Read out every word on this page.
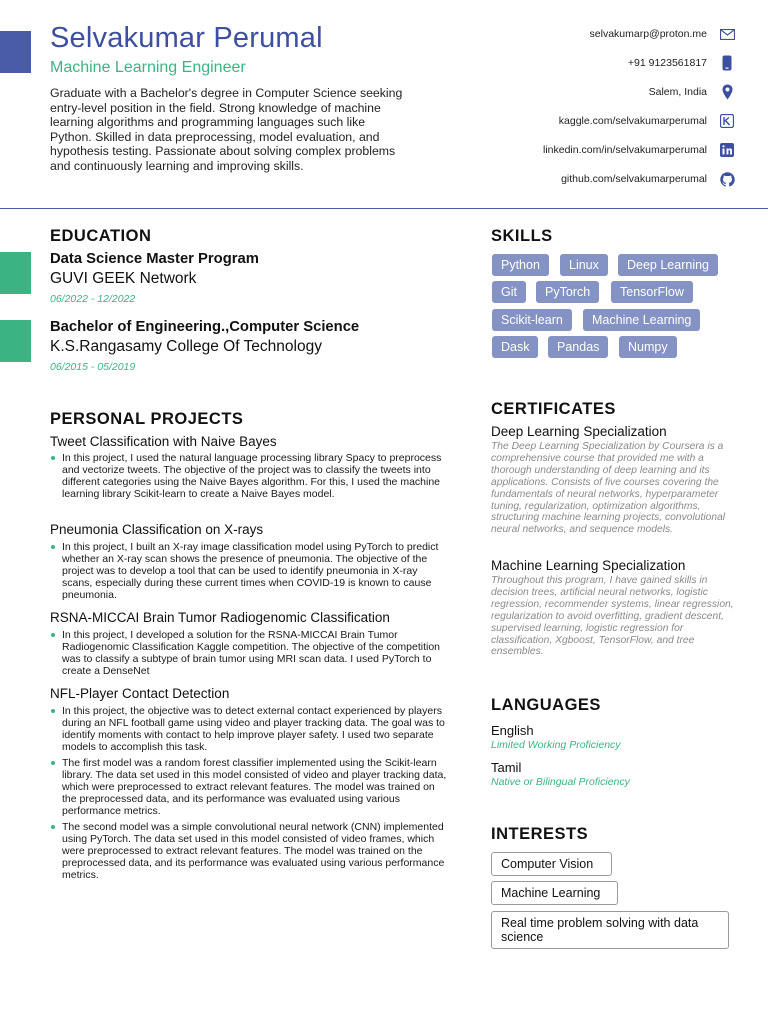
Selvakumar Perumal
Machine Learning Engineer
Graduate with a Bachelor's degree in Computer Science seeking entry-level position in the field. Strong knowledge of machine learning algorithms and programming languages such like Python. Skilled in data preprocessing, model evaluation, and hypothesis testing. Passionate about solving complex problems and continuously learning and improving skills.
selvakumarp@proton.me
+91 9123561817
Salem, India
kaggle.com/selvakumarperumal
linkedin.com/in/selvakumarperumal
github.com/selvakumarperumal
EDUCATION
Data Science Master Program
GUVI GEEK Network
06/2022 - 12/2022
Bachelor of Engineering.,Computer Science
K.S.Rangasamy College Of Technology
06/2015 - 05/2019
PERSONAL PROJECTS
Tweet Classification with Naive Bayes
In this project, I used the natural language processing library Spacy to preprocess and vectorize tweets. The objective of the project was to classify the tweets into different categories using the Naive Bayes algorithm. For this, I used the machine learning library Scikit-learn to create a Naive Bayes model.
Pneumonia Classification on X-rays
In this project, I built an X-ray image classification model using PyTorch to predict whether an X-ray scan shows the presence of pneumonia. The objective of the project was to develop a tool that can be used to identify pneumonia in X-ray scans, especially during these current times when COVID-19 is known to cause pneumonia.
RSNA-MICCAI Brain Tumor Radiogenomic Classification
In this project, I developed a solution for the RSNA-MICCAI Brain Tumor Radiogenomic Classification Kaggle competition. The objective of the competition was to classify a subtype of brain tumor using MRI scan data. I used PyTorch to create a DenseNet
NFL-Player Contact Detection
In this project, the objective was to detect external contact experienced by players during an NFL football game using video and player tracking data. The goal was to identify moments with contact to help improve player safety. I used two separate models to accomplish this task.
The first model was a random forest classifier implemented using the Scikit-learn library. The data set used in this model consisted of video and player tracking data, which were preprocessed to extract relevant features. The model was trained on the preprocessed data, and its performance was evaluated using various performance metrics.
The second model was a simple convolutional neural network (CNN) implemented using PyTorch. The data set used in this model consisted of video frames, which were preprocessed to extract relevant features. The model was trained on the preprocessed data, and its performance was evaluated using various performance metrics.
SKILLS
Python	Linux	Deep Learning
Git	PyTorch	TensorFlow
Scikit-learn	Machine Learning
Dask	Pandas	Numpy
CERTIFICATES
Deep Learning Specialization
The Deep Learning Specialization by Coursera is a comprehensive course that provided me with a thorough understanding of deep learning and its applications. Consists of five courses covering the fundamentals of neural networks, hyperparameter tuning, regularization, optimization algorithms, structuring machine learning projects, convolutional neural networks, and sequence models.
Machine Learning Specialization
Throughout this program, I have gained skills in decision trees, artificial neural networks, logistic regression, recommender systems, linear regression, regularization to avoid overfitting, gradient descent, supervised learning, logistic regression for classification, Xgboost, TensorFlow, and tree ensembles.
LANGUAGES
English
Limited Working Proficiency
Tamil
Native or Bilingual Proficiency
INTERESTS
Computer Vision
Machine Learning
Real time problem solving with data science
